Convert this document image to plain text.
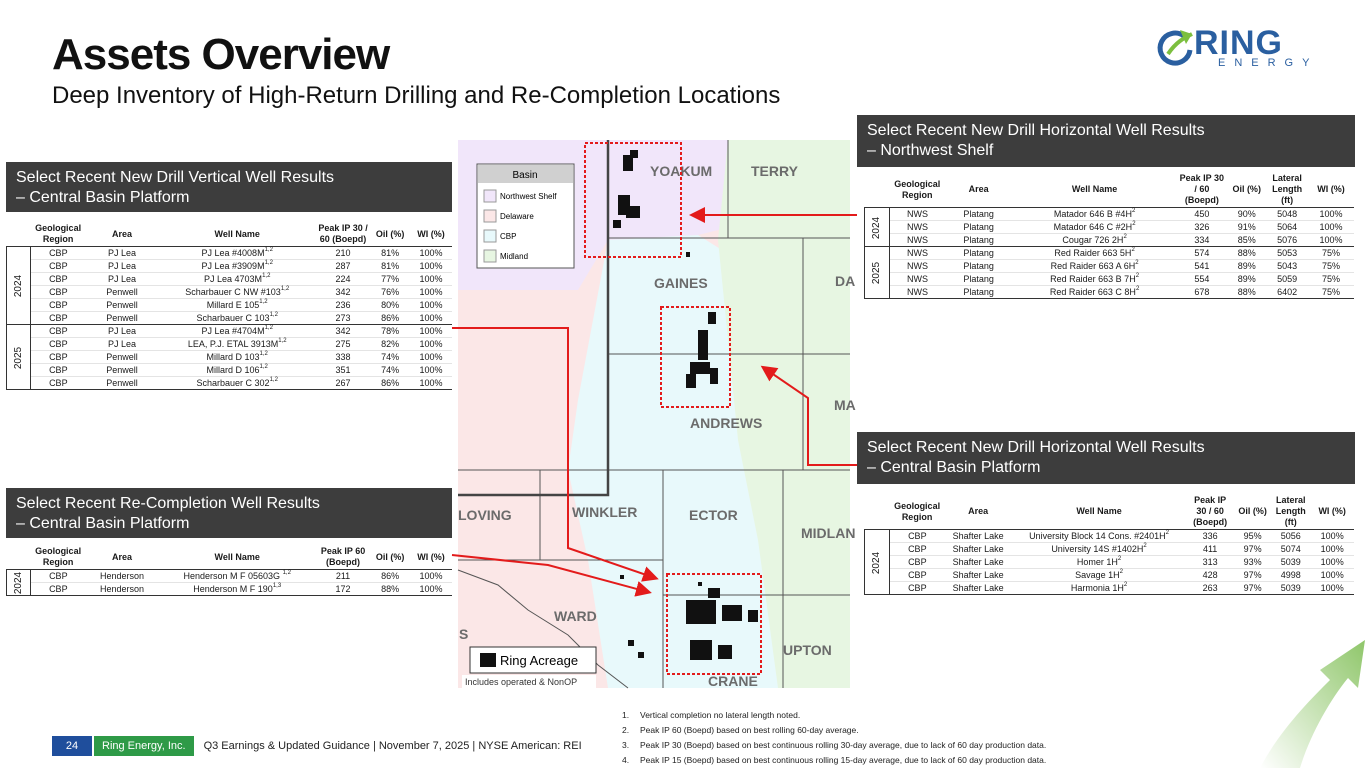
Assets Overview
Deep Inventory of High-Return Drilling and Re-Completion Locations
RING
ENERGY
Select Recent New Drill Vertical Well Results
– Central Basin Platform
	Geological Region	Area	Well Name	Peak IP 30 / 60 (Boepd)	Oil (%)	WI (%)
2024	CBP	PJ Lea	PJ Lea $\#4008M^{1,2}$	210	81%	100%
	CBP	PJ Lea	PJ Lea $\#3909M^{1,2}$	287	81%	100%
	CBP	PJ Lea	PJ Lea $4703M^{1,2}$	224	77%	100%
	CBP	Penwell	Scharbauer C NW #103$^{1,2}$	342	76%	100%
	CBP	Penwell	Millard E 105$^{1,2}$	236	80%	100%
	CBP	Penwell	Scharbauer C 103$^{1,2}$	273	86%	100%
2025	CBP	PJ Lea	PJ Lea $\#4704M^{1,2}$	342	78%	100%
	CBP	PJ Lea	LEA, P.J. ETAL $3913M^{1,2}$	275	82%	100%
	CBP	Penwell	Millard D 103$^{1,2}$	338	74%	100%
	CBP	Penwell	Millard D 106$^{1,2}$	351	74%	100%
	CBP	Penwell	Scharbauer C 302$^{1,2}$	267	86%	100%
Select Recent Re-Completion Well Results
– Central Basin Platform
	Geological Region	Area	Well Name	Peak IP 60 (Boepd)	Oil (%)	WI (%)
2024	CBP	Henderson	Henderson M F 05603G $^{1,2}$	211	86%	100%
	CBP	Henderson	Henderson M F 190$^{1,3}$	172	88%	100%
Select Recent New Drill Horizontal Well Results
– Northwest Shelf
	Geological Region	Area	Well Name	Peak IP 30 / 60 (Boepd)	Oil (%)	Lateral Length (ft)	WI (%)
2024	NWS	Platang	Matador 646 B $\#4H^2$	450	90%	5048	100%
	NWS	Platang	Matador 646 C $\#2H^2$	326	91%	5064	100%
	NWS	Platang	Cougar 726 $2H^2$	334	85%	5076	100%
2025	NWS	Platang	Red Raider 663 $5H^2$	574	88%	5053	75%
	NWS	Platang	Red Raider 663 A $6H^2$	541	89%	5043	75%
	NWS	Platang	Red Raider 663 B $7H^2$	554	89%	5059	75%
	NWS	Platang	Red Raider 663 C $8H^2$	678	88%	6402	75%
Select Recent New Drill Horizontal Well Results
– Central Basin Platform
	Geological Region	Area	Well Name	Peak IP 30 / 60 (Boepd)	Oil (%)	Lateral Length (ft)	WI (%)
2024	CBP	Shafter Lake	University Block 14 Cons. $\#2401H^2$	336	95%	5056	100%
	CBP	Shafter Lake	University 14S $\#1402H^2$	411	97%	5074	100%
	CBP	Shafter Lake	Homer $1H^2$	313	93%	5039	100%
	CBP	Shafter Lake	Savage $1H^2$	428	97%	4998	100%
	CBP	Shafter Lake	Harmonia $1H^2$	263	97%	5039	100%
YOAKUM	TERRY
GAINES	DA
ANDREWS
MA
LOVING	WINKLER	ECTOR
MIDLAN
WARD
S
UPTON
CRANE
Basin
Northwest Shelf
Delaware
CBP
Midland
Ring Acreage
Includes operated & NonOP
1. Vertical completion no lateral length noted.
2. Peak IP 60 (Boepd) based on best rolling 60-day average.
3. Peak IP 30 (Boepd) based on best continuous rolling 30-day average, due to lack of 60 day production data.
4. Peak IP 15 (Boepd) based on best continuous rolling 15-day average, due to lack of 60 day production data.
24	Ring Energy, Inc.	Q3 Earnings & Updated Guidance | November 7, 2025 | NYSE American: REI
